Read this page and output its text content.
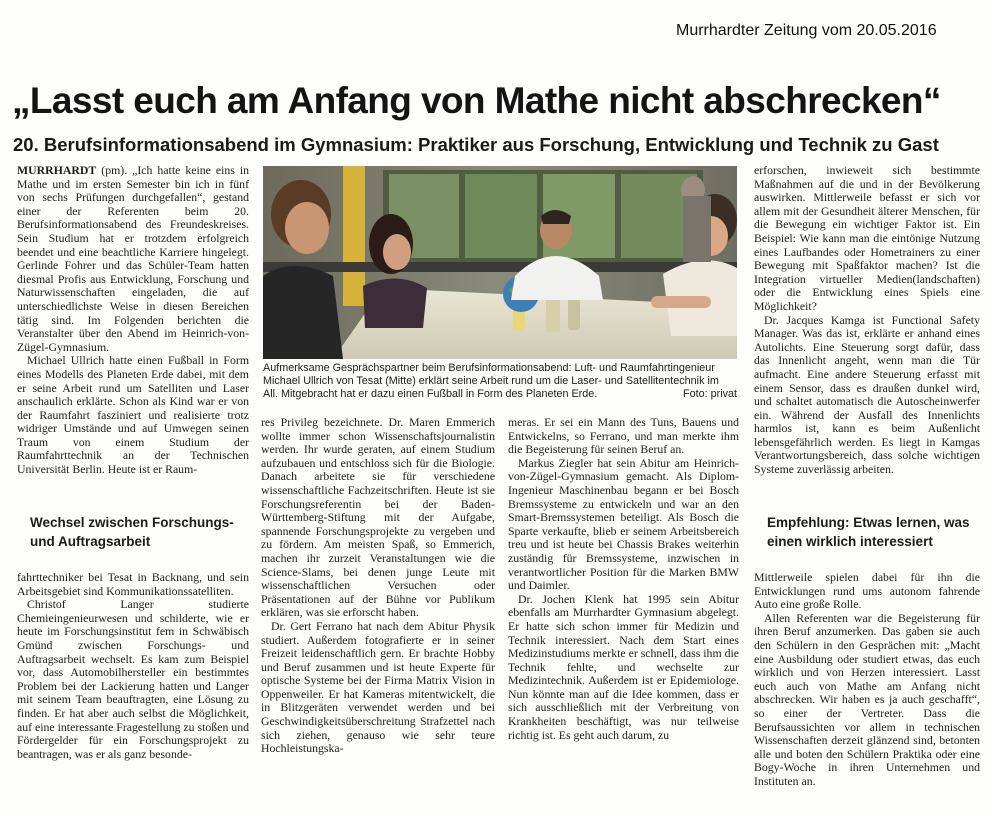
Murrhardter Zeitung vom 20.05.2016
„Lasst euch am Anfang von Mathe nicht abschrecken“
20. Berufsinformationsabend im Gymnasium: Praktiker aus Forschung, Entwicklung und Technik zu Gast

MURRHARDT (pm). „Ich hatte keine eins in Mathe und im ersten Semester bin ich in fünf von sechs Prüfungen durchgefallen“, gestand einer der Referenten beim 20. Berufsinformationsabend des Freundeskreises. Sein Studium hat er trotzdem erfolgreich beendet und eine beachtliche Karriere hingelegt. Gerlinde Fohrer und das Schüler-Team hatten diesmal Profis aus Entwicklung, Forschung und Naturwissenschaften eingeladen, die auf unterschiedlichste Weise in diesen Bereichen tätig sind. Im Folgenden berichten die Veranstalter über den Abend im Heinrich-von-Zügel-Gymnasium.

Michael Ullrich hatte einen Fußball in Form eines Modells des Planeten Erde dabei, mit dem er seine Arbeit rund um Satelliten und Laser anschaulich erklärte. Schon als Kind war er von der Raumfahrt fasziniert und realisierte trotz widriger Umstände und auf Umwegen seinen Traum von einem Studium der Raumfahrttechnik an der Technischen Universität Berlin. Heute ist er Raum-

Wechsel zwischen Forschungs-
und Auftragsarbeit

fahrttechniker bei Tesat in Backnang, und sein Arbeitsgebiet sind Kommunikationssatelliten.

Christof Langer studierte Chemieingenieurwesen und schilderte, wie er heute im Forschungsinstitut fem in Schwäbisch Gmünd zwischen Forschungs- und Auftragsarbeit wechselt. Es kam zum Beispiel vor, dass Automobilhersteller ein bestimmtes Problem bei der Lackierung hatten und Langer mit seinem Team beauftragten, eine Lösung zu finden. Er hat aber auch selbst die Möglichkeit, auf eine interessante Fragestellung zu stoßen und Fördergelder für ein Forschungsprojekt zu beantragen, was er als ganz besonde-

Aufmerksame Gesprächspartner beim Berufsinformationsabend: Luft- und Raumfahrtingenieur
Michael Ullrich von Tesat (Mitte) erklärt seine Arbeit rund um die Laser- und Satellitentechnik im
Foto: privat
All. Mitgebracht hat er dazu einen Fußball in Form des Planeten Erde.

res Privileg bezeichnete. Dr. Maren Emmerich wollte immer schon Wissenschaftsjournalistin werden. Ihr wurde geraten, auf einem Studium aufzubauen und entschloss sich für die Biologie. Danach arbeitete sie für verschiedene wissenschaftliche Fachzeitschriften. Heute ist sie Forschungsreferentin bei der Baden-Württemberg-Stiftung mit der Aufgabe, spannende Forschungsprojekte zu vergeben und zu fördern. Am meisten Spaß, so Emmerich, machen ihr zurzeit Veranstaltungen wie die Science-Slams, bei denen junge Leute mit wissenschaftlichen Versuchen oder Präsentationen auf der Bühne vor Publikum erklären, was sie erforscht haben.

Dr. Gert Ferrano hat nach dem Abitur Physik studiert. Außerdem fotografierte er in seiner Freizeit leidenschaftlich gern. Er brachte Hobby und Beruf zusammen und ist heute Experte für optische Systeme bei der Firma Matrix Vision in Oppenweiler. Er hat Kameras mitentwickelt, die in Blitzgeräten verwendet werden und bei Geschwindigkeitsüberschreitung Strafzettel nach sich ziehen, genauso wie sehr teure Hochleistungska-

meras. Er sei ein Mann des Tuns, Bauens und Entwickelns, so Ferrano, und man merkte ihm die Begeisterung für seinen Beruf an.

Markus Ziegler hat sein Abitur am Heinrich-von-Zügel-Gymnasium gemacht. Als Diplom-Ingenieur Maschinenbau begann er bei Bosch Bremssysteme zu entwickeln und war an den Smart-Bremssystemen beteiligt. Als Bosch die Sparte verkaufte, blieb er seinem Arbeitsbereich treu und ist heute bei Chassis Brakes weiterhin zuständig für Bremssysteme, inzwischen in verantwortlicher Position für die Marken BMW und Daimler.

Dr. Jochen Klenk hat 1995 sein Abitur ebenfalls am Murrhardter Gymnasium abgelegt. Er hatte sich schon immer für Medizin und Technik interessiert. Nach dem Start eines Medizinstudiums merkte er schnell, dass ihm die Technik fehlte, und wechselte zur Medizintechnik. Außerdem ist er Epidemiologe. Nun könnte man auf die Idee kommen, dass er sich ausschließlich mit der Verbreitung von Krankheiten beschäftigt, was nur teilweise richtig ist. Es geht auch darum, zu

erforschen, inwieweit sich bestimmte Maßnahmen auf die und in der Bevölkerung auswirken. Mittlerweile befasst er sich vor allem mit der Gesundheit älterer Menschen, für die Bewegung ein wichtiger Faktor ist. Ein Beispiel: Wie kann man die eintönige Nutzung eines Laufbandes oder Hometrainers zu einer Bewegung mit Spaßfaktor machen? Ist die Integration virtueller Medien(landschaften) oder die Entwicklung eines Spiels eine Möglichkeit?

Dr. Jacques Kamga ist Functional Safety Manager. Was das ist, erklärte er anhand eines Autolichts. Eine Steuerung sorgt dafür, dass das Innenlicht angeht, wenn man die Tür aufmacht. Eine andere Steuerung erfasst mit einem Sensor, dass es draußen dunkel wird, und schaltet automatisch die Autoscheinwerfer ein. Während der Ausfall des Innenlichts harmlos ist, kann es beim Außenlicht lebensgefährlich werden. Es liegt in Kamgas Verantwortungsbereich, dass solche wichtigen Systeme zuverlässig arbeiten.

Empfehlung: Etwas lernen, was
einen wirklich interessiert

Mittlerweile spielen dabei für ihn die Entwicklungen rund ums autonom fahrende Auto eine große Rolle.

Allen Referenten war die Begeisterung für ihren Beruf anzumerken. Das gaben sie auch den Schülern in den Gesprächen mit: „Macht eine Ausbildung oder studiert etwas, das euch wirklich und von Herzen interessiert. Lasst euch auch von Mathe am Anfang nicht abschrecken. Wir haben es ja auch geschafft“, so einer der Vertreter. Dass die Berufsaussichten vor allem in technischen Wissenschaften derzeit glänzend sind, betonten alle und boten den Schülern Praktika oder eine Bogy-Woche in ihren Unternehmen und Instituten an.
